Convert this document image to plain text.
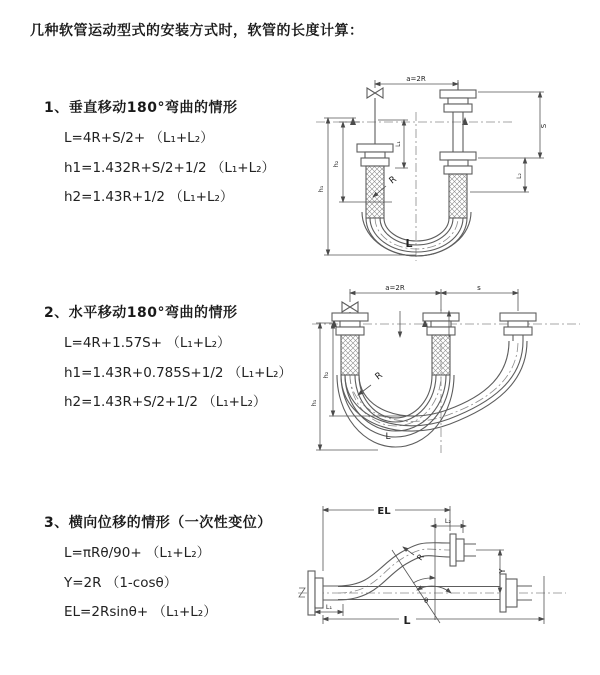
几种软管运动型式的安装方式时，软管的长度计算：
1、垂直移动180°弯曲的情形
L=4R+S/2+ （L₁+L₂）
h1=1.432R+S/2+1/2 （L₁+L₂）
h2=1.43R+1/2 （L₁+L₂）
2、水平移动180°弯曲的情形
L=4R+1.57S+ （L₁+L₂）
h1=1.43R+0.785S+1/2 （L₁+L₂）
h2=1.43R+S/2+1/2 （L₁+L₂）
3、横向位移的情形（一次性变位）
L=πRθ/90+ （L₁+L₂）
Y=2R （1-cosθ）
EL=2Rsinθ+ （L₁+L₂）
a=2R
h₁
h₂
L₁
S
L₂
R
L
a=2R	s
h₁
h₂	R
L
EL
L₂
Y
R
θ
L₁
L
